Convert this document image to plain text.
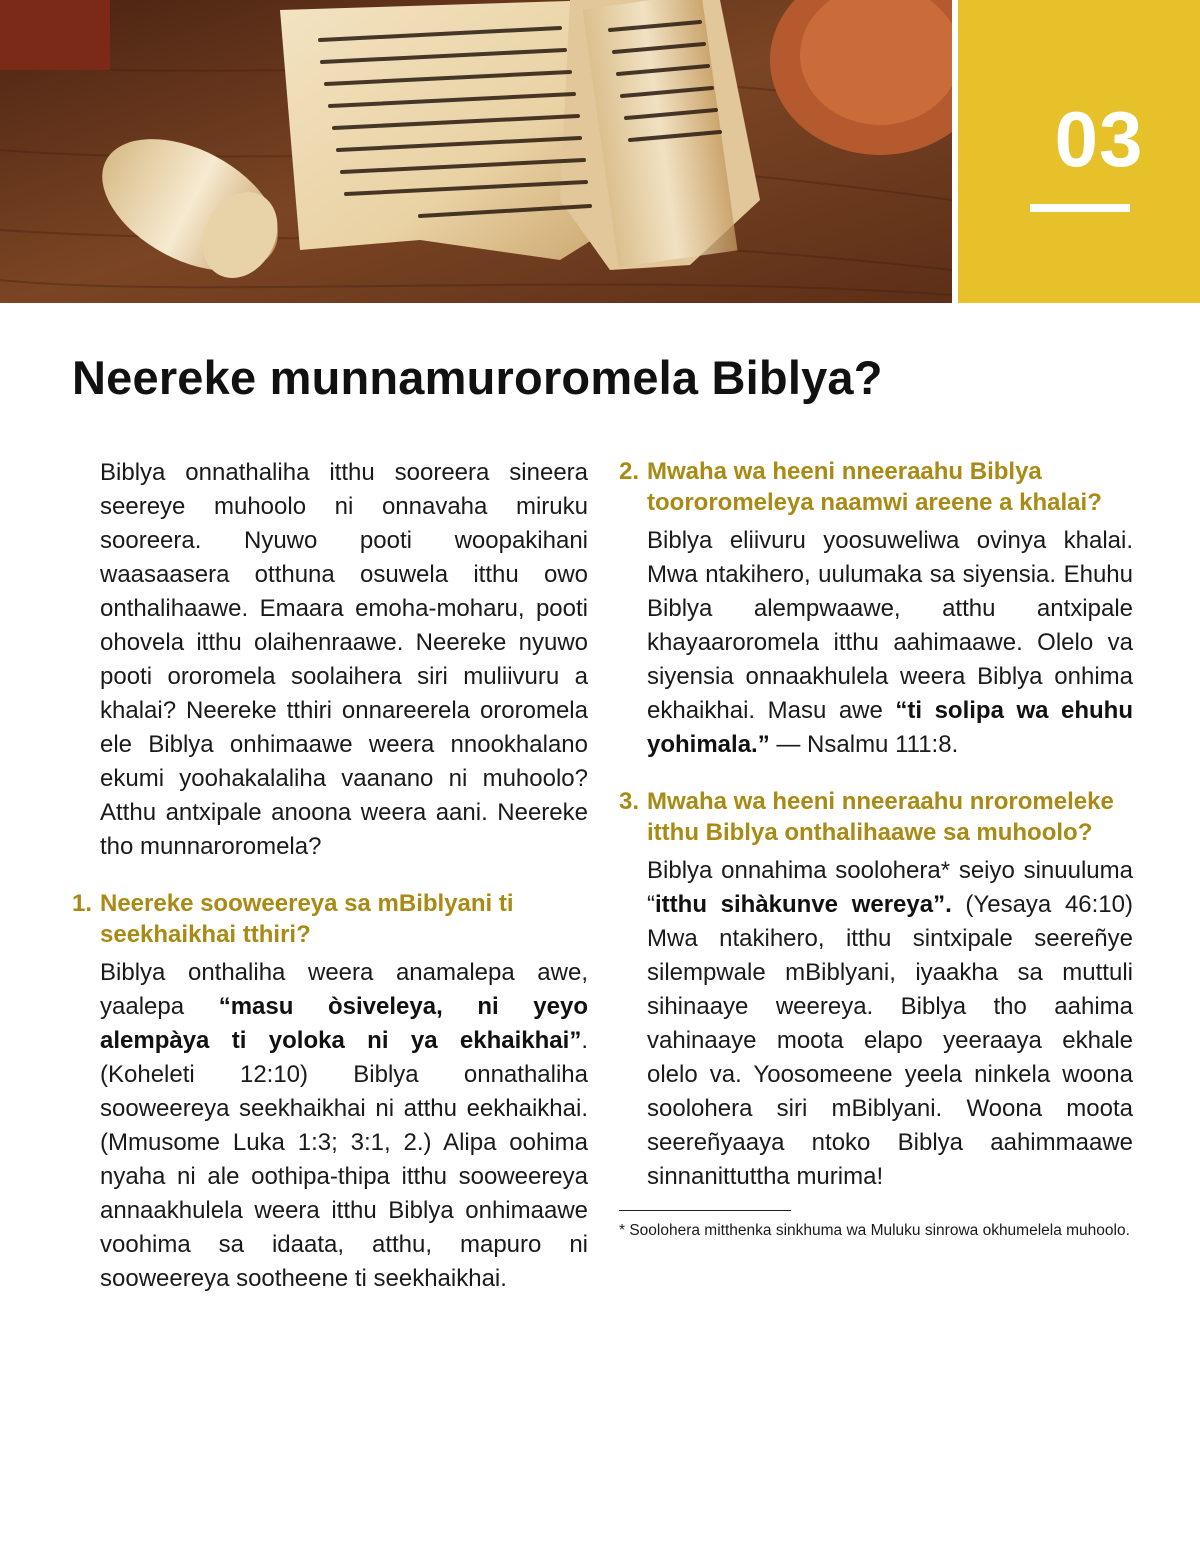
03
Neereke munnamuroromela Biblya?

Biblya onnathaliha itthu sooreera sineera seereye muhoolo ni onnavaha miruku sooreera. Nyuwo pooti woopakihani waasaasera otthuna osuwela itthu owo onthalihaawe. Emaara emoha-moharu, pooti ohovela itthu olaihenraawe. Neereke nyuwo pooti ororomela soolaihera siri muliivuru a khalai? Neereke tthiri onnareerela ororomela ele Biblya onhimaawe weera nnookhalano ekumi yoohakalaliha vaanano ni muhoolo? Atthu antxipale anoona weera aani. Neereke tho munnaroromela?

1. Neereke sooweereya sa mBiblyani ti seekhaikhai tthiri?

Biblya onthaliha weera anamalepa awe, yaalepa “masu òsiveleya, ni yeyo alempàya ti yoloka ni ya ekhaikhai”. (Koheleti 12:10) Biblya onnathaliha sooweereya seekhaikhai ni atthu eekhaikhai. (Mmusome Luka 1:3; 3:1, 2.) Alipa oohima nyaha ni ale oothipa-thipa itthu sooweereya annaakhulela weera itthu Biblya onhimaawe voohima sa idaata, atthu, mapuro ni sooweereya sootheene ti seekhaikhai.

2. Mwaha wa heeni nneeraahu Biblya toororomeleya naamwi areene a khalai?

Biblya eliivuru yoosuweliwa ovinya khalai. Mwa ntakihero, uulumaka sa siyensia. Ehuhu Biblya alempwaawe, atthu antxipale khayaaroromela itthu aahimaawe. Olelo va siyensia onnaakhulela weera Biblya onhima ekhaikhai. Masu awe “ti solipa wa ehuhu yohimala.” — Nsalmu 111:8.

3. Mwaha wa heeni nneeraahu nroromeleke itthu Biblya onthalihaawe sa muhoolo?

Biblya onnahima soolohera* seiyo sinuuluma “itthu sihàkunve wereya”. (Yesaya 46:10) Mwa ntakihero, itthu sintxipale seereñye silempwale mBiblyani, iyaakha sa muttuli sihinaaye weereya. Biblya tho aahima vahinaaye moota elapo yeeraaya ekhale olelo va. Yoosomeene yeela ninkela woona soolohera siri mBiblyani. Woona moota seereñyaaya ntoko Biblya aahimmaawe sinnanittuttha murima!

* Soolohera mitthenka sinkhuma wa Muluku sinrowa okhumelela muhoolo.
